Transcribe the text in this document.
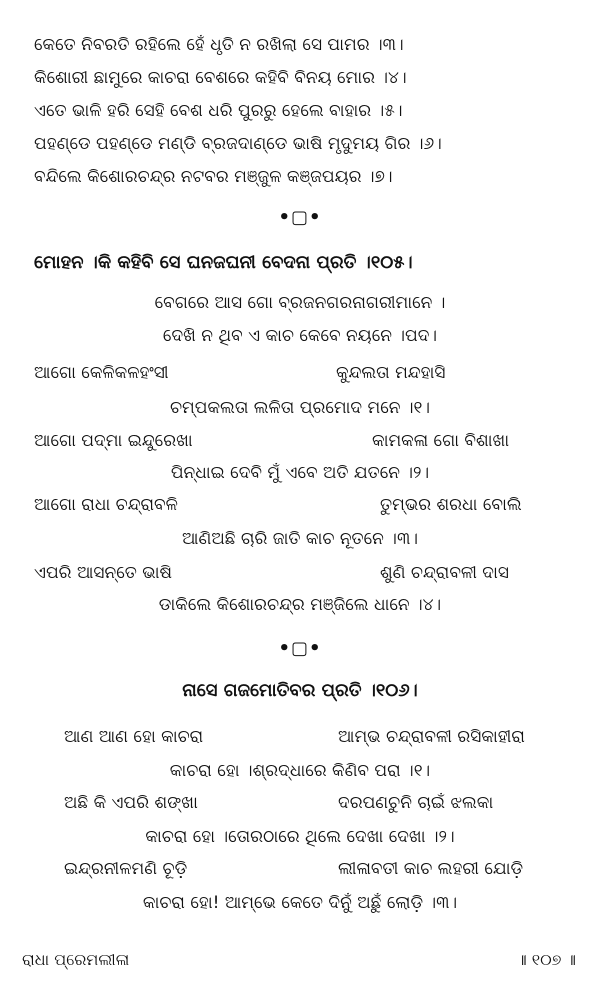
କେତେ ନିବରତି ରହିଲେ ହେଁ ଧୃତି ନ ରଖିଲା ସେ ପାମର ।୩।
କିଶୋରୀ ଛାମୁରେ କାଚରା ବେଶରେ କହିବି ବିନୟ ମୋର ।୪।
ଏତେ ଭାଳି ହରି ସେହି ବେଶ ଧରି ପୁରରୁ ହେଲେ ବାହାର ।୫।
ପହଣ୍ଡେ ପହଣ୍ଡେ ମଣ୍ଡି ବ୍ରଜଦାଣ୍ଡେ ଭାଷି ମୃଦୁମୟ ଗିର ।୬।
ବନ୍ଦିଲେ କିଶୋରଚନ୍ଦ୍ର ନଟବର ମଞ୍ଜୁଳ କଞ୍ଜପୟର ।୭।
•▢•
ମୋହନ ।କି କହିବି ସେ ଘନଜଘନୀ ବେଦନା ପ୍ରତି ।୧୦୫।
ବେଗରେ ଆସ ଗୋ ବ୍ରଜନଗରନାଗରୀମାନେ ।
ଦେଖି ନ ଥିବ ଏ କାଚ କେବେ ନୟନେ ।ପଦ।
ଆଗୋ କେଳିକଳହଂସୀ	କୁନ୍ଦଲତା ମନ୍ଦହାସି
ଚମ୍ପକଲତା ଲଳିତା ପ୍ରମୋଦ ମନେ ।୧।
ଆଗୋ ପଦ୍ମା ଇନ୍ଦୁରେଖା	କାମକଳା ଗୋ ବିଶାଖା
ପିନ୍ଧାଇ ଦେବି ମୁଁ ଏବେ ଅତି ଯତନେ ।୨।
ଆଗୋ ରାଧା ଚନ୍ଦ୍ରାବଳି	ତୁମ୍ଭର ଶରଧା ବୋଲି
ଆଣିଅଛି ଚାରି ଜାତି କାଚ ନୂତନେ ।୩।
ଏପରି ଆସନ୍ତେ ଭାଷି	ଶୁଣି ଚନ୍ଦ୍ରାବଳୀ ଦାସ
ଡାକିଲେ କିଶୋରଚନ୍ଦ୍ର ମଞ୍ଜିଲେ ଧାନେ ।୪।
•▢•
ନାସେ ଗଜମୋତିବର ପ୍ରତି ।୧୦୬।
ଆଣ ଆଣ ହୋ କାଚରା	ଆମ୍ଭ ଚନ୍ଦ୍ରାବଳୀ ରସିକାହୀରା
କାଚରା ହୋ ।ଶ୍ରଦ୍ଧାରେ କିଣିବ ପରା ।୧।
ଅଛି କି ଏପରି ଶଙ୍ଖା	ଦରପଣଚୁନି ଚାଇଁ ଝଲକା
କାଚରା ହୋ ।ତୋରଠାରେ ଥିଲେ ଦେଖା ଦେଖା ।୨।
ଇନ୍ଦ୍ରନୀଳମଣି ଚୂଡ଼ି	ଲୀଳାବତୀ କାଚ ଲହରୀ ଯୋଡ଼ି
କାଚରା ହୋ! ଆମ୍ଭେ କେତେ ଦିନୁଁ ଅଛୁଁ ଲୋଡ଼ି ।୩।
ରାଧା ପ୍ରେମଲୀଳା	॥ ୧୦୭ ॥
